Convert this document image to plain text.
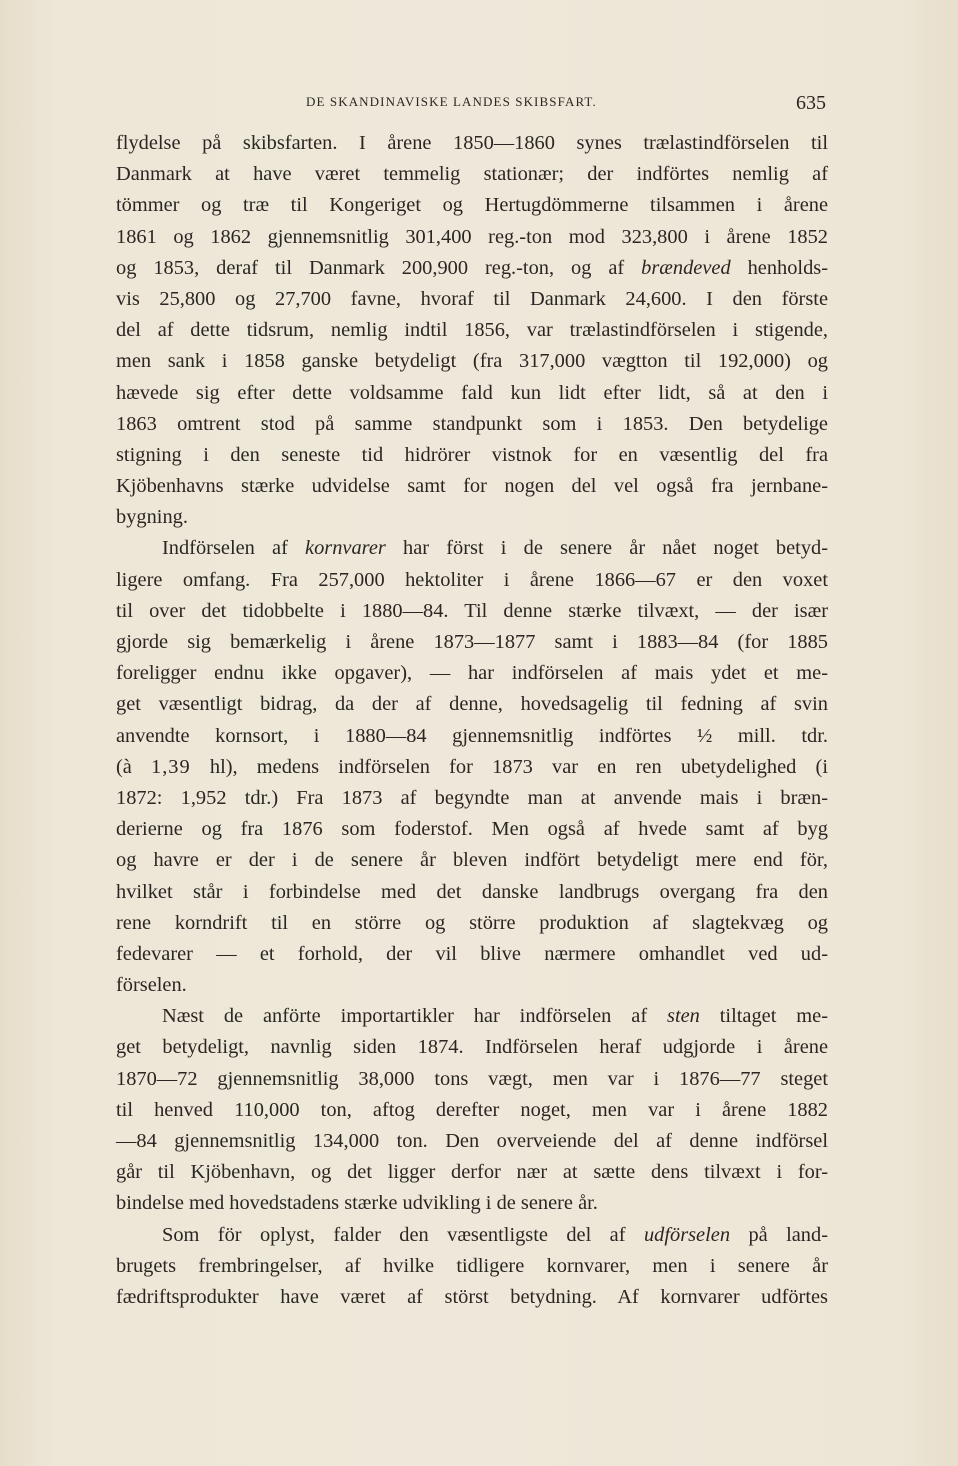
DE SKANDINAVISKE LANDES SKIBSFART.	635
flydelse på skibsfarten. I årene 1850—1860 synes trælastindförselen til
Danmark at have været temmelig stationær; der indförtes nemlig af
tömmer og træ til Kongeriget og Hertugdömmerne tilsammen i årene
1861 og 1862 gjennemsnitlig 301,400 reg.-ton mod 323,800 i årene 1852
og 1853, deraf til Danmark 200,900 reg.-ton, og af brændeved henholds-
vis 25,800 og 27,700 favne, hvoraf til Danmark 24,600. I den förste
del af dette tidsrum, nemlig indtil 1856, var trælastindförselen i stigende,
men sank i 1858 ganske betydeligt (fra 317,000 vægtton til 192,000) og
hævede sig efter dette voldsamme fald kun lidt efter lidt, så at den i
1863 omtrent stod på samme standpunkt som i 1853. Den betydelige
stigning i den seneste tid hidrörer vistnok for en væsentlig del fra
Kjöbenhavns stærke udvidelse samt for nogen del vel også fra jernbane-
bygning.
Indförselen af kornvarer har först i de senere år nået noget betyd-
ligere omfang. Fra 257,000 hektoliter i årene 1866—67 er den voxet
til over det tidobbelte i 1880—84. Til denne stærke tilvæxt, — der især
gjorde sig bemærkelig i årene 1873—1877 samt i 1883—84 (for 1885
foreligger endnu ikke opgaver), — har indförselen af mais ydet et me-
get væsentligt bidrag, da der af denne, hovedsagelig til fedning af svin
anvendte kornsort, i 1880—84 gjennemsnitlig indförtes ½ mill. tdr.
(à 1,39 hl), medens indförselen for 1873 var en ren ubetydelighed (i
1872: 1,952 tdr.) Fra 1873 af begyndte man at anvende mais i bræn-
derierne og fra 1876 som foderstof. Men også af hvede samt af byg
og havre er der i de senere år bleven indfört betydeligt mere end för,
hvilket står i forbindelse med det danske landbrugs overgang fra den
rene korndrift til en större og större produktion af slagtekvæg og
fedevarer — et forhold, der vil blive nærmere omhandlet ved ud-
förselen.
Næst de anförte importartikler har indförselen af sten tiltaget me-
get betydeligt, navnlig siden 1874. Indförselen heraf udgjorde i årene
1870—72 gjennemsnitlig 38,000 tons vægt, men var i 1876—77 steget
til henved 110,000 ton, aftog derefter noget, men var i årene 1882
—84 gjennemsnitlig 134,000 ton. Den overveiende del af denne indförsel
går til Kjöbenhavn, og det ligger derfor nær at sætte dens tilvæxt i for-
bindelse med hovedstadens stærke udvikling i de senere år.
Som för oplyst, falder den væsentligste del af udförselen på land-
brugets frembringelser, af hvilke tidligere kornvarer, men i senere år
fædriftsprodukter have været af störst betydning. Af kornvarer udförtes
